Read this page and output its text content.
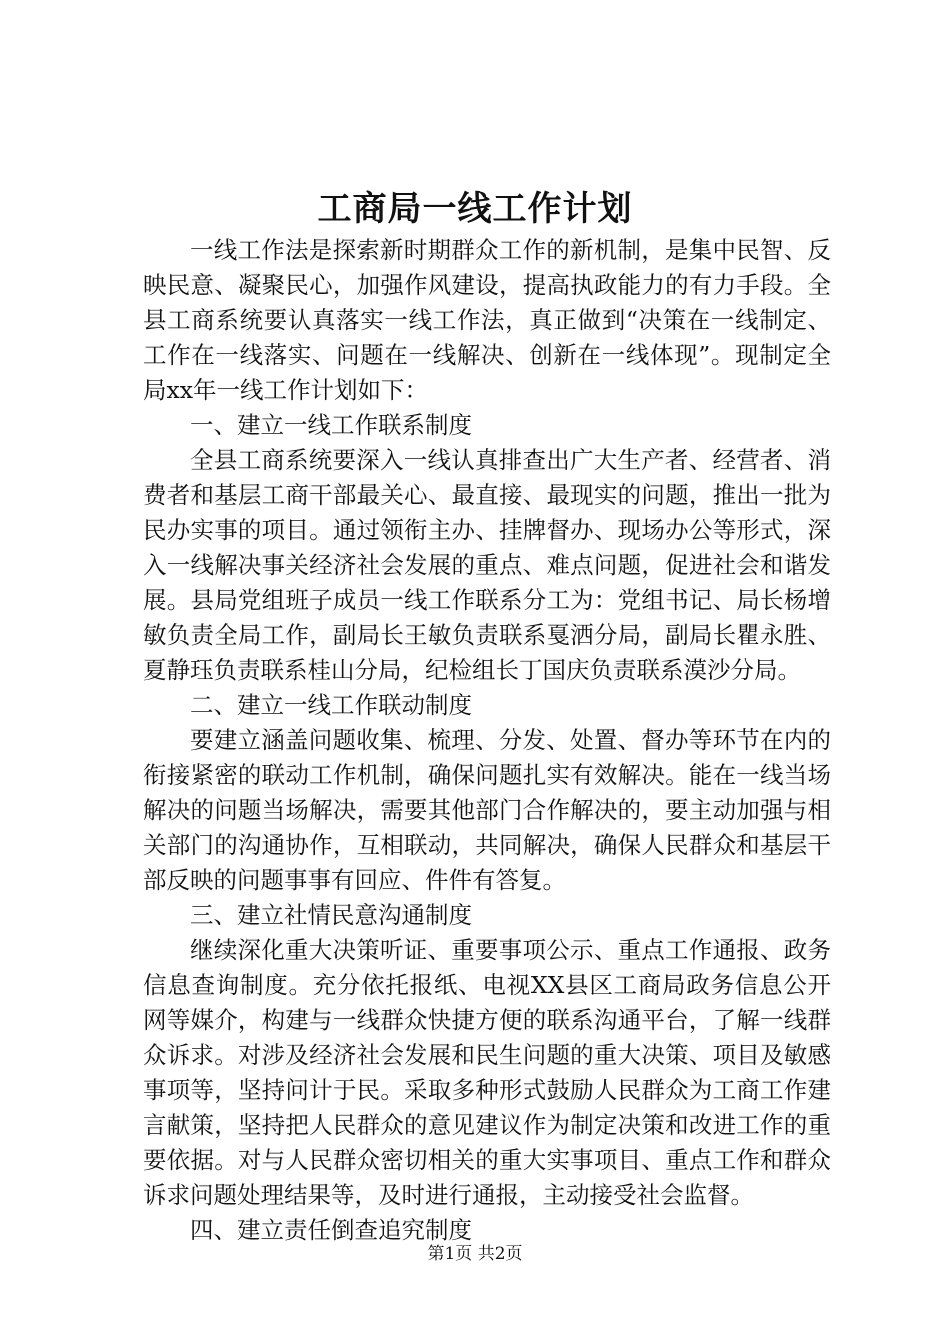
工商局一线工作计划

一线工作法是探索新时期群众工作的新机制，是集中民智、反映民意、凝聚民心，加强作风建设，提高执政能力的有力手段。全县工商系统要认真落实一线工作法，真正做到“决策在一线制定、工作在一线落实、问题在一线解决、创新在一线体现”。现制定全局xx年一线工作计划如下：

一、建立一线工作联系制度

全县工商系统要深入一线认真排查出广大生产者、经营者、消费者和基层工商干部最关心、最直接、最现实的问题，推出一批为民办实事的项目。通过领衔主办、挂牌督办、现场办公等形式，深入一线解决事关经济社会发展的重点、难点问题，促进社会和谐发展。县局党组班子成员一线工作联系分工为：党组书记、局长杨增敏负责全局工作，副局长王敏负责联系戛洒分局，副局长瞿永胜、夏静珏负责联系桂山分局，纪检组长丁国庆负责联系漠沙分局。

二、建立一线工作联动制度

要建立涵盖问题收集、梳理、分发、处置、督办等环节在内的衔接紧密的联动工作机制，确保问题扎实有效解决。能在一线当场解决的问题当场解决，需要其他部门合作解决的，要主动加强与相关部门的沟通协作，互相联动，共同解决，确保人民群众和基层干部反映的问题事事有回应、件件有答复。

三、建立社情民意沟通制度

继续深化重大决策听证、重要事项公示、重点工作通报、政务信息查询制度。充分依托报纸、电视XX县区工商局政务信息公开网等媒介，构建与一线群众快捷方便的联系沟通平台，了解一线群众诉求。对涉及经济社会发展和民生问题的重大决策、项目及敏感事项等，坚持问计于民。采取多种形式鼓励人民群众为工商工作建言献策，坚持把人民群众的意见建议作为制定决策和改进工作的重要依据。对与人民群众密切相关的重大实事项目、重点工作和群众诉求问题处理结果等，及时进行通报，主动接受社会监督。

四、建立责任倒查追究制度

第1页 共2页
